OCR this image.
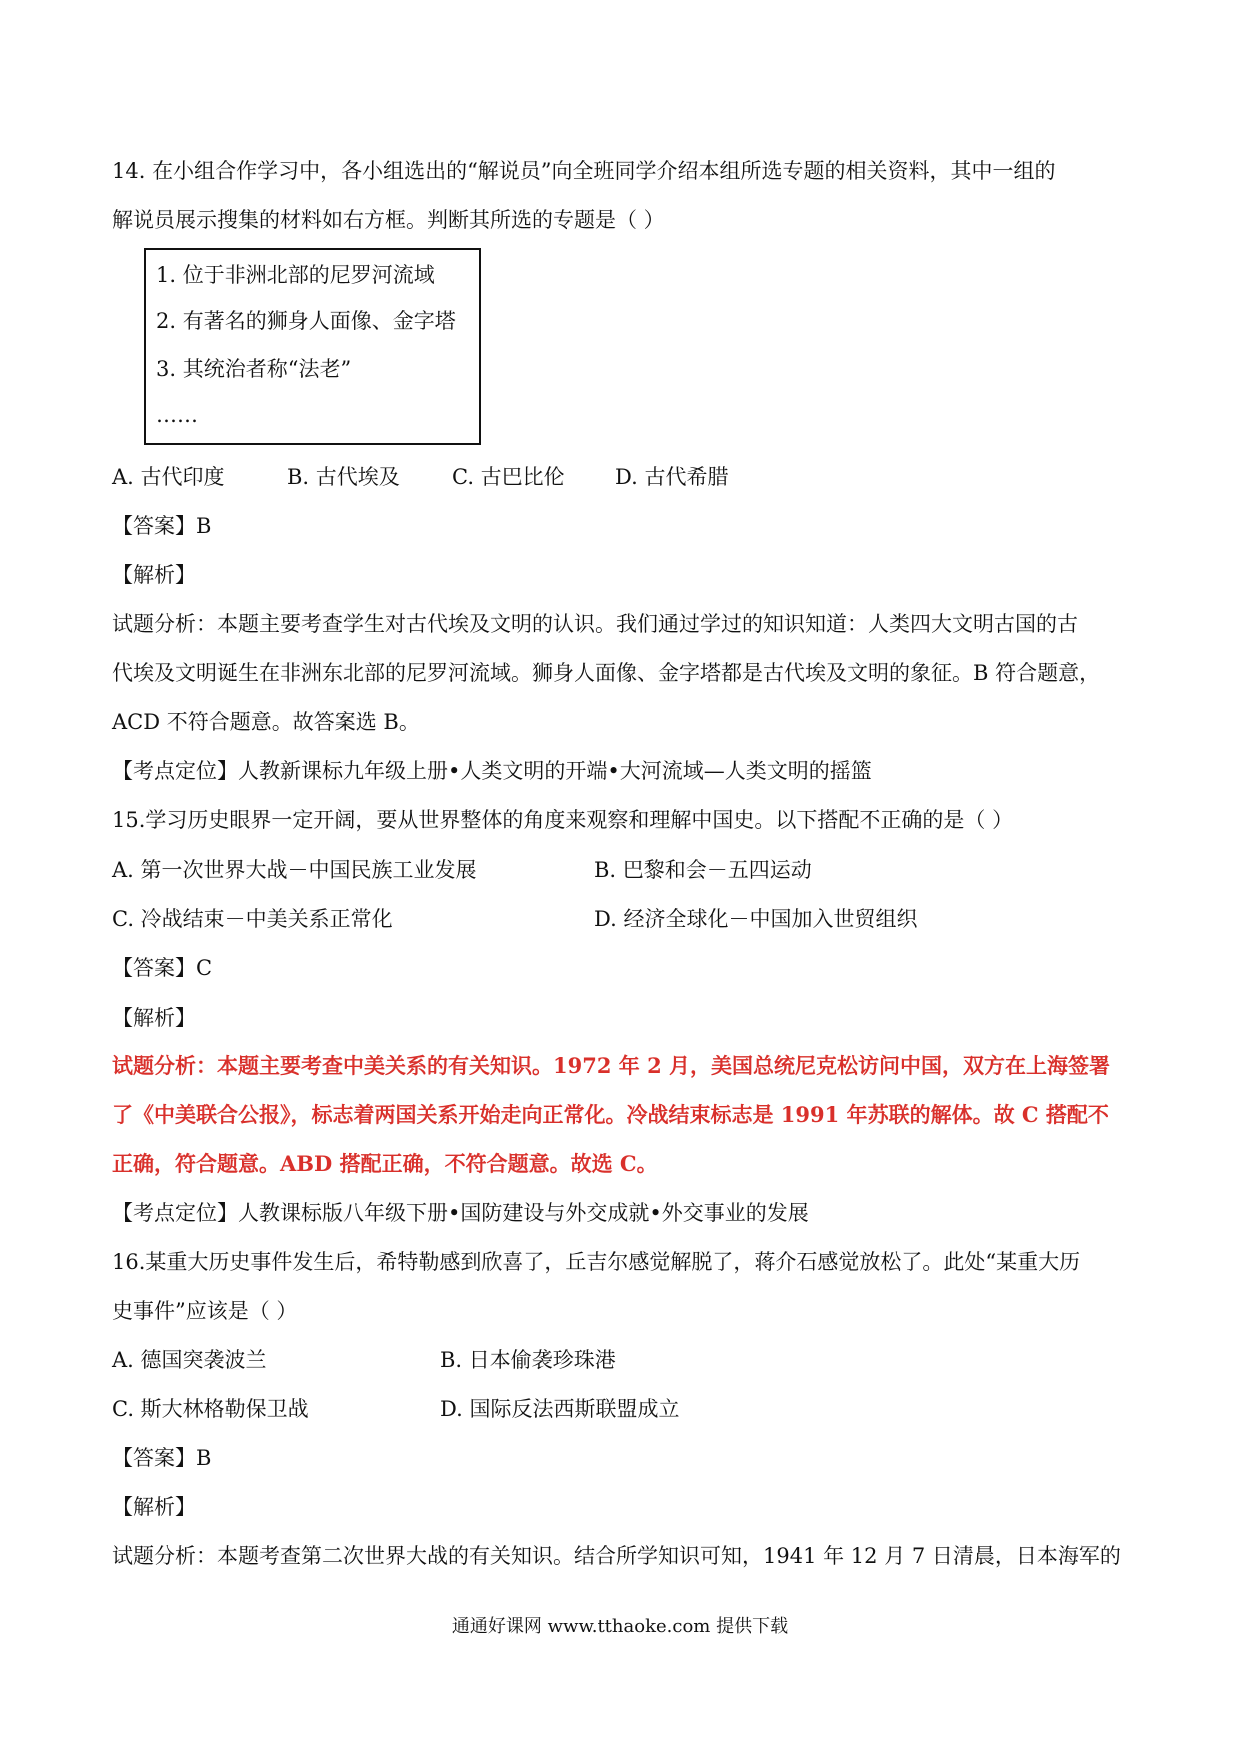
14. 在小组合作学习中，各小组选出的“解说员”向全班同学介绍本组所选专题的相关资料，其中一组的
解说员展示搜集的材料如右方框。判断其所选的专题是（ ）
1. 位于非洲北部的尼罗河流域
2. 有著名的狮身人面像、金字塔
3. 其统治者称“法老”
……
A. 古代印度	B. 古代埃及 C. 古巴比伦 D. 古代希腊
【答案】B
【解析】
试题分析：本题主要考查学生对古代埃及文明的认识。我们通过学过的知识知道：人类四大文明古国的古
代埃及文明诞生在非洲东北部的尼罗河流域。狮身人面像、金字塔都是古代埃及文明的象征。B 符合题意，
ACD 不符合题意。故答案选 B。
【考点定位】人教新课标九年级上册•人类文明的开端•大河流域—人类文明的摇篮
15.学习历史眼界一定开阔，要从世界整体的角度来观察和理解中国史。以下搭配不正确的是（ ）
A. 第一次世界大战－中国民族工业发展	B. 巴黎和会－五四运动
C. 冷战结束－中美关系正常化	D. 经济全球化－中国加入世贸组织
【答案】C
【解析】
试题分析：本题主要考查中美关系的有关知识。1972 年 2 月，美国总统尼克松访问中国，双方在上海签署
了《中美联合公报》，标志着两国关系开始走向正常化。冷战结束标志是 1991 年苏联的解体。故 C 搭配不
正确，符合题意。ABD 搭配正确，不符合题意。故选 C。
【考点定位】人教课标版八年级下册•国防建设与外交成就•外交事业的发展
16.某重大历史事件发生后，希特勒感到欣喜了，丘吉尔感觉解脱了，蒋介石感觉放松了。此处“某重大历
史事件”应该是（ ）
A. 德国突袭波兰	B. 日本偷袭珍珠港
C. 斯大林格勒保卫战	D. 国际反法西斯联盟成立
【答案】B
【解析】
试题分析：本题考查第二次世界大战的有关知识。结合所学知识可知，1941 年 12 月 7 日清晨，日本海军的
通通好课网 www.tthaoke.com 提供下载
